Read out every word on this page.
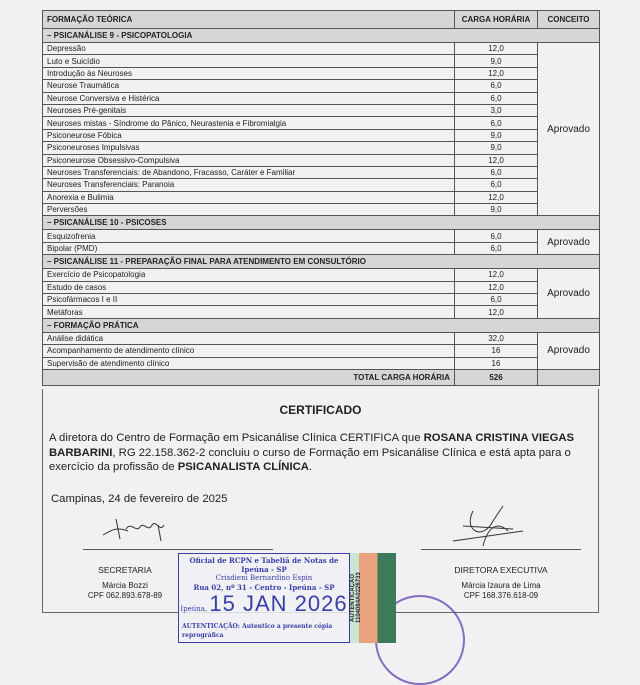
FORMAÇÃO TEÓRICA	CARGA HORÁRIA	CONCEITO
– PSICANÁLISE 9 - PSICOPATOLOGIA		
Depressão	12,0	Aprovado
Luto e Suicídio	9,0	
Introdução às Neuroses	12,0	
Neurose Traumática	6,0	
Neurose Conversiva e Histérica	6,0	
Neuroses Pré-genitais	3,0	
Neuroses mistas - Síndrome do Pânico, Neurastenia e Fibromialgia	6,0	
Psiconeurose Fóbica	9,0	
Psiconeuroses Impulsivas	9,0	
Psiconeurose Obsessivo-Compulsiva	12,0	
Neuroses Transferenciais: de Abandono, Fracasso, Caráter e Familiar	6,0	
Neuroses Transferenciais: Paranoia	6,0	
Anorexia e Bulimia	12,0	
Perversões	9,0	
– PSICANÁLISE 10 - PSICOSES		
Esquizofrenia	6,0	Aprovado
Bipolar (PMD)	6,0	
– PSICANÁLISE 11 - PREPARAÇÃO FINAL PARA ATENDIMENTO EM CONSULTÓRIO		
Exercício de Psicopatologia	12,0	Aprovado
Estudo de casos	12,0	
Psicofármacos I e II	6,0	
Metáforas	12,0	
– FORMAÇÃO PRÁTICA		
Análise didática	32,0	Aprovado
Acompanhamento de atendimento clínico	16	
Supervisão de atendimento clínico	16	
TOTAL CARGA HORÁRIA	526	
CERTIFICADO
A diretora do Centro de Formação em Psicanálise Clínica CERTIFICA que ROSANA CRISTINA VIEGAS BARBARINI, RG 22.158.362-2 concluiu o curso de Formação em Psicanálise Clínica e está apta para o exercício da profissão de PSICANALISTA CLÍNICA.
Campinas, 24 de fevereiro de 2025
SECRETARIA
Márcia Bozzi
CPF 062.893.678-89
DIRETORA EXECUTIVA
Márcia Izaura de Lima
CPF 168.376.618-09
Oficial de RCPN e Tabeliã de Notas de Ipeúna - SP
Crisdieni Bernardino Espin
Rua 02, nº 31 - Centro - Ipeúna - SP
Ipeúna, 15 JAN 2026
AUTENTICAÇÃO: Autentico a presente cópia reprográfica
AUTENTICAÇÃO 1104084A0226733
